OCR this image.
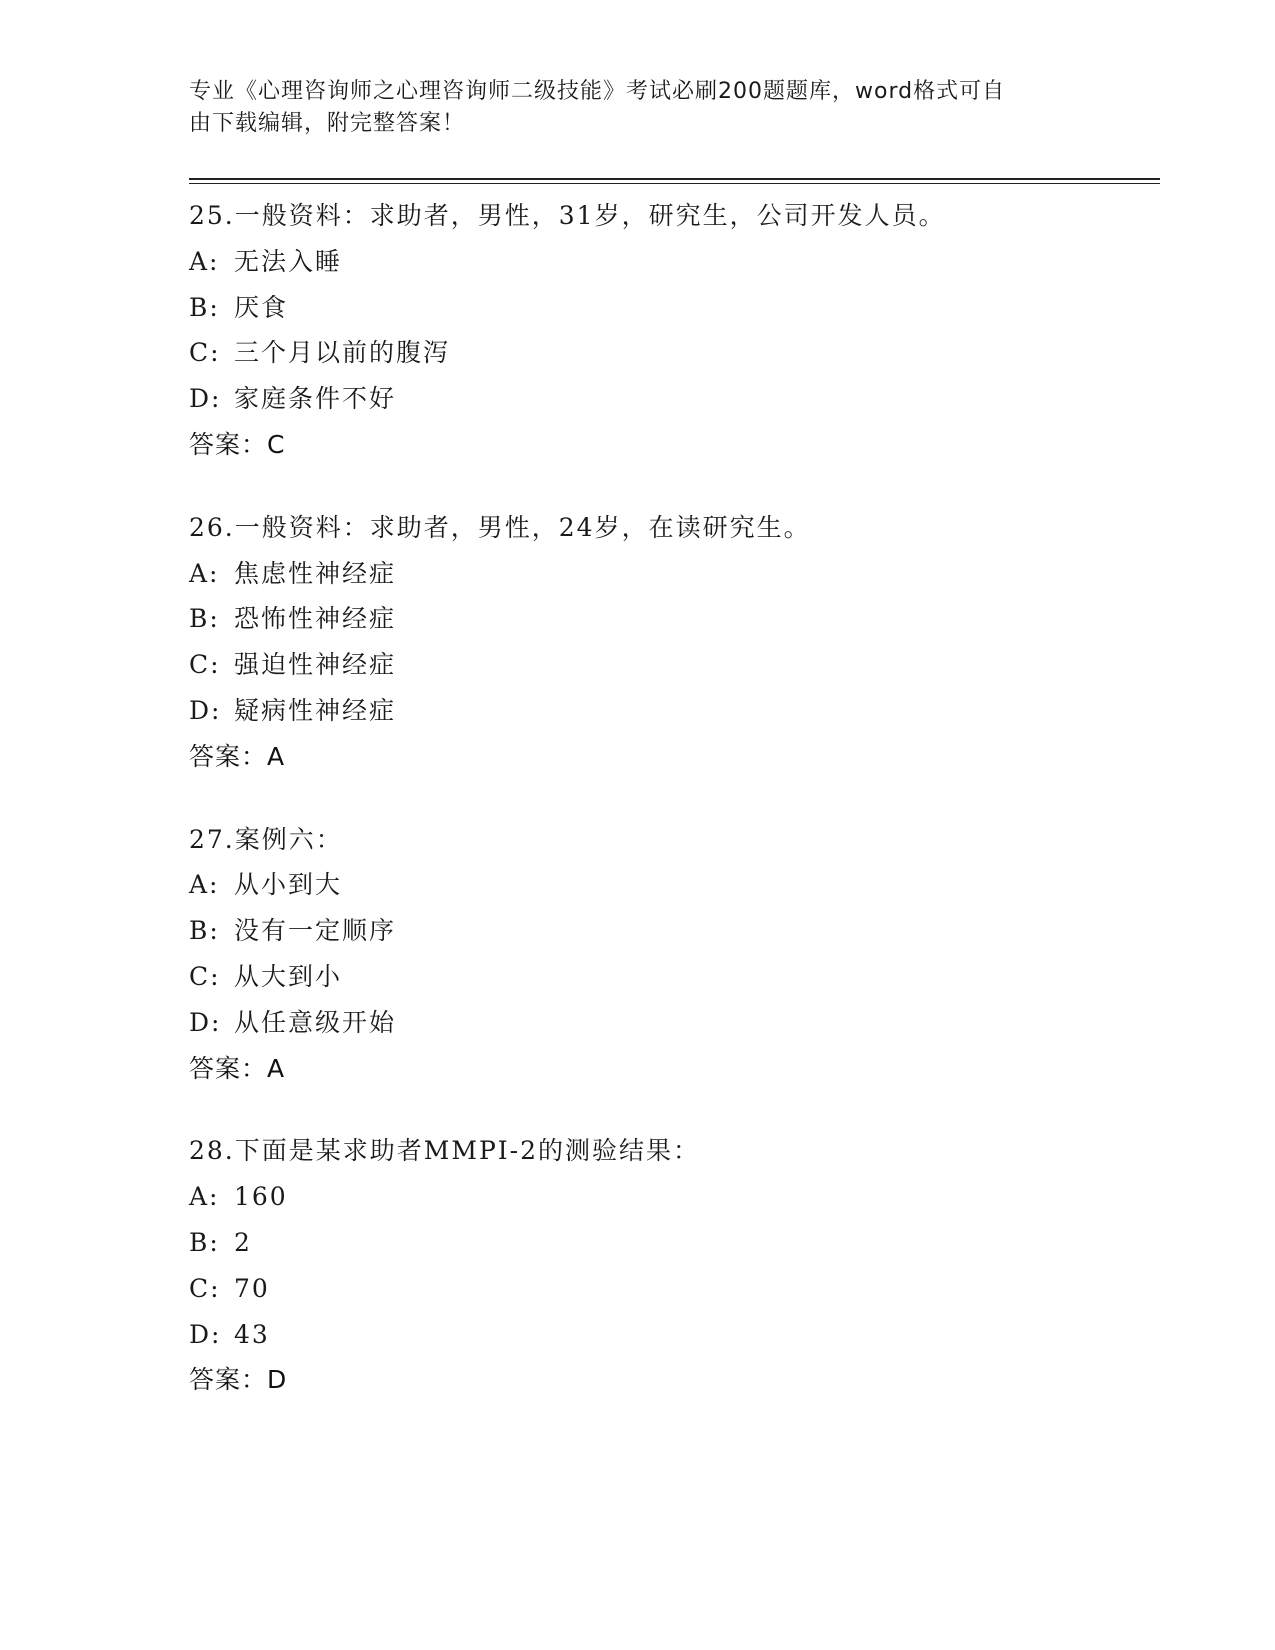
专业《心理咨询师之心理咨询师二级技能》考试必刷200题题库，word格式可自
由下载编辑，附完整答案！
25.一般资料：求助者，男性，31岁，研究生，公司开发人员。
A: 无法入睡
B: 厌食
C: 三个月以前的腹泻
D: 家庭条件不好
答案：C
26.一般资料：求助者，男性，24岁，在读研究生。
A: 焦虑性神经症
B: 恐怖性神经症
C: 强迫性神经症
D: 疑病性神经症
答案：A
27.案例六：
A: 从小到大
B: 没有一定顺序
C: 从大到小
D: 从任意级开始
答案：A
28.下面是某求助者MMPI-2的测验结果：
A: 160
B: 2
C: 70
D: 43
答案：D
